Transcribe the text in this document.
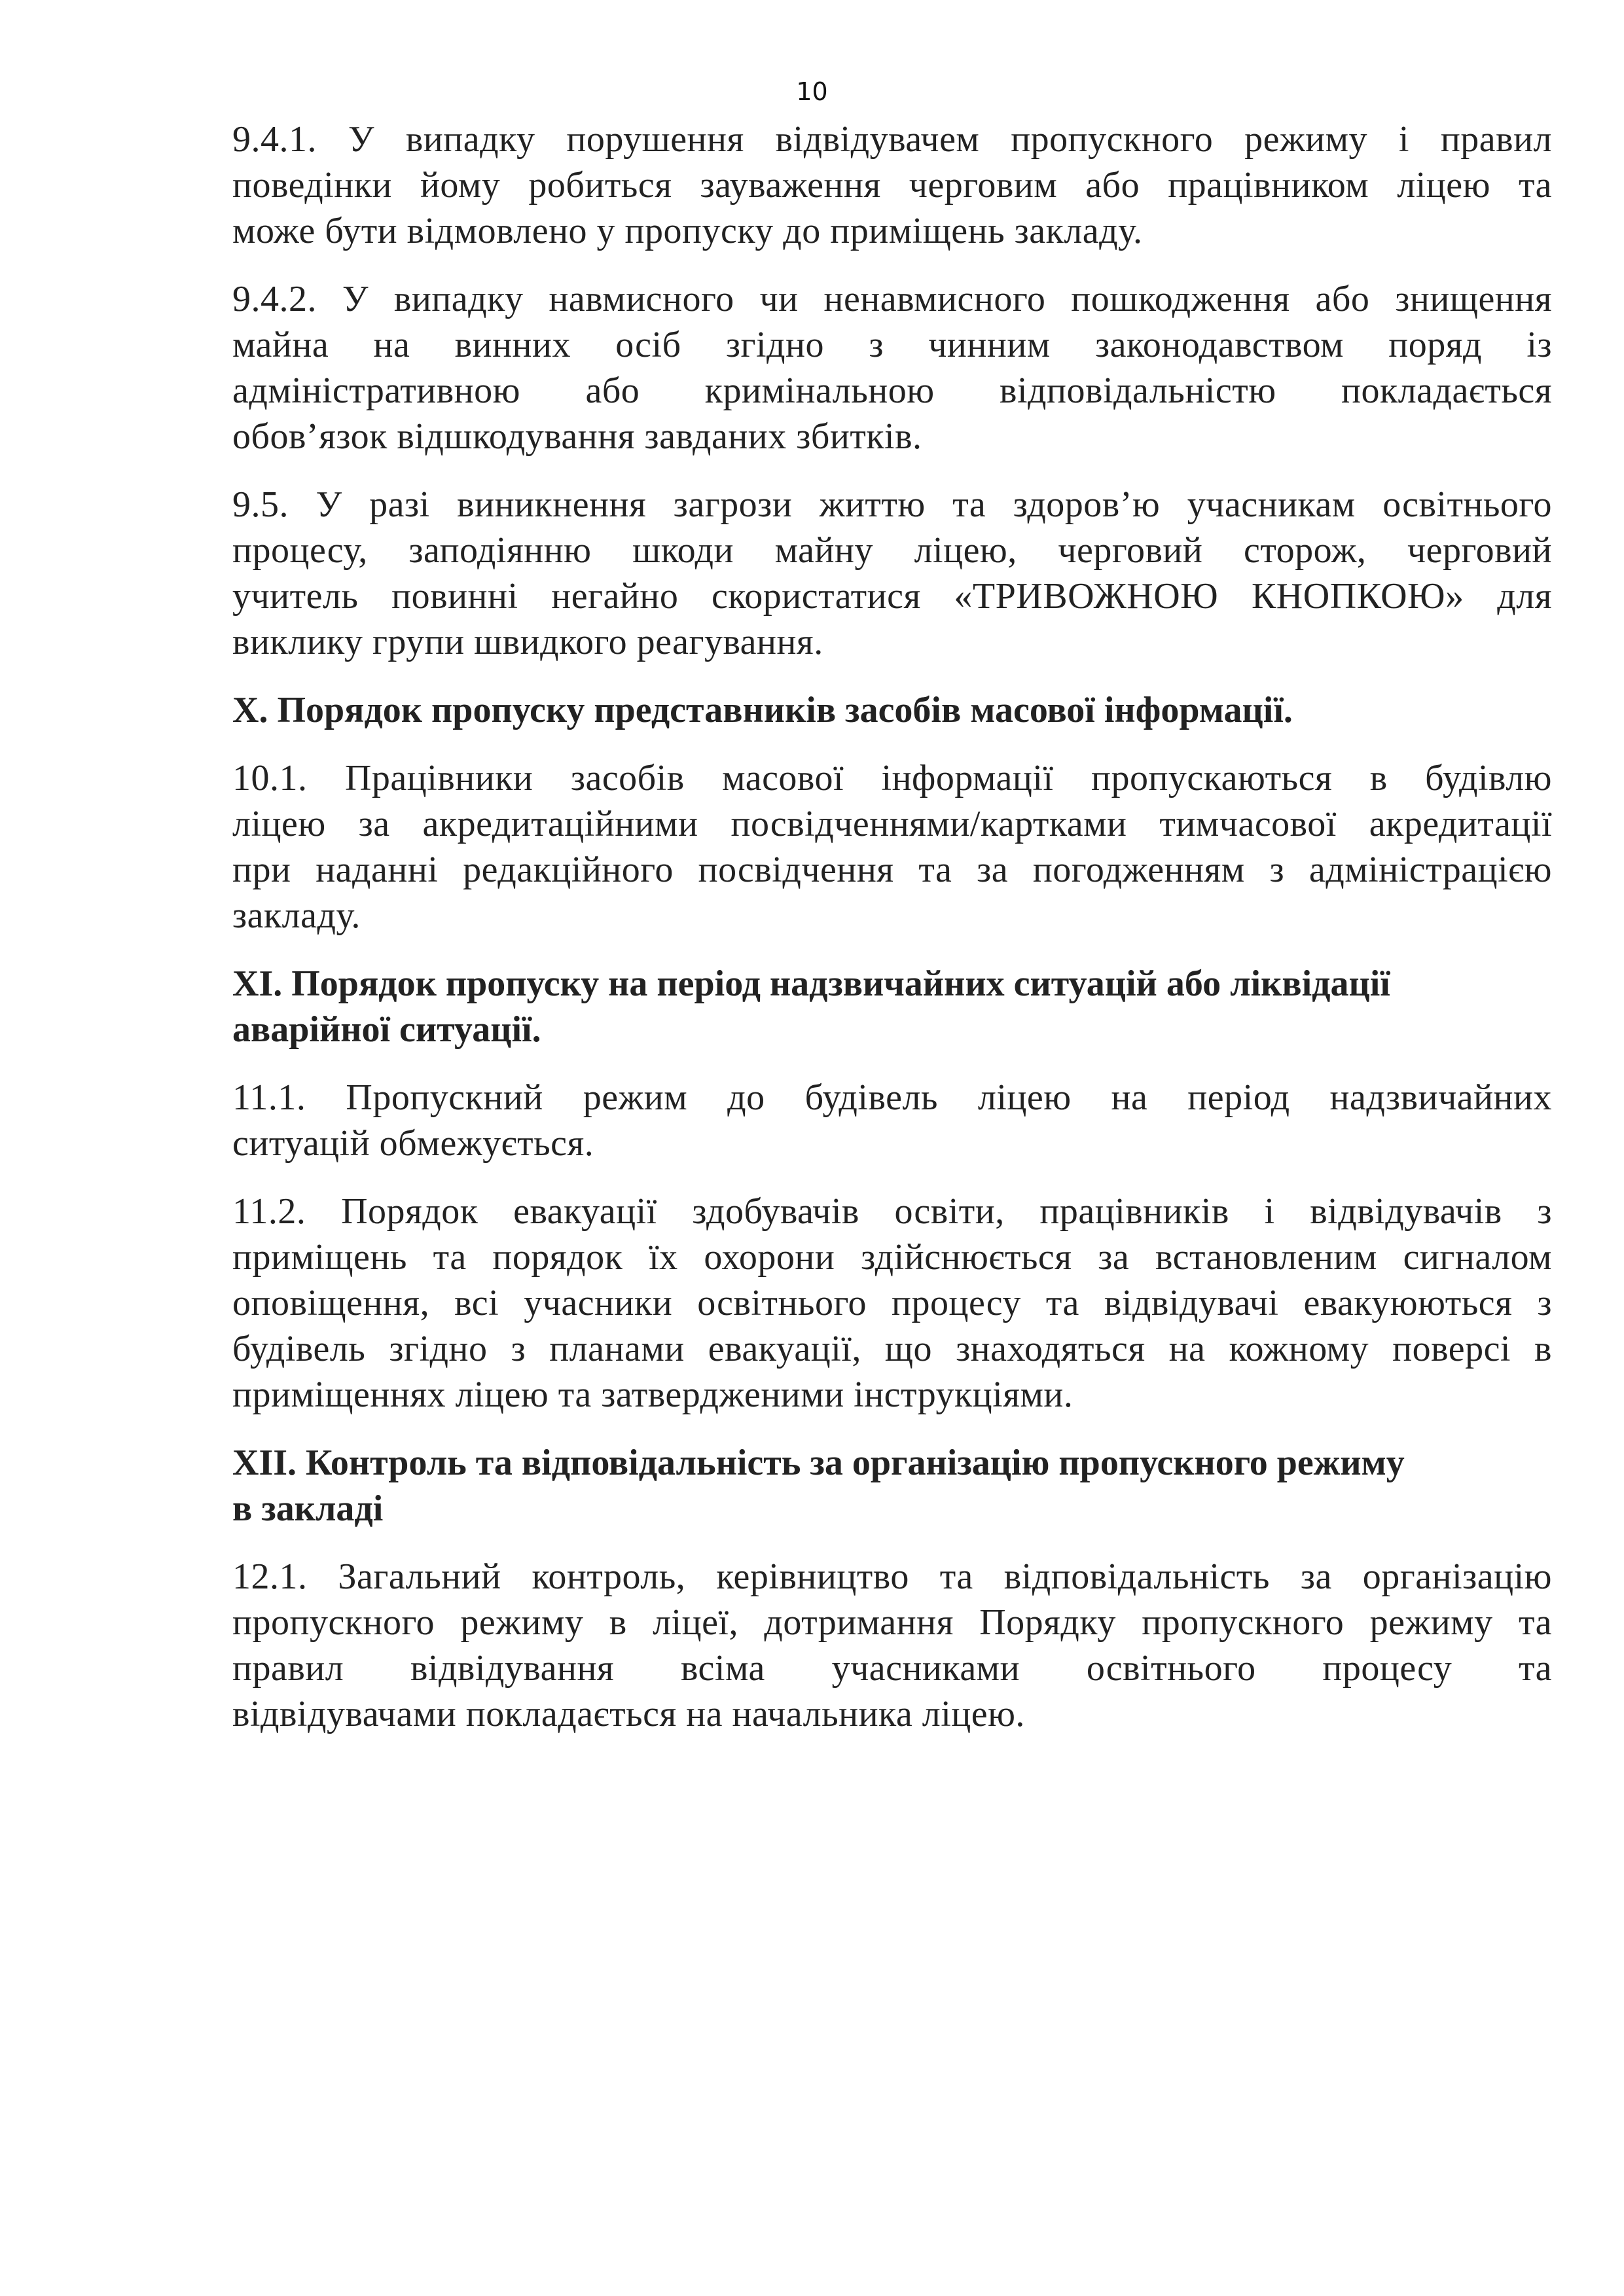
10
9.4.1. У випадку порушення відвідувачем пропускного режиму і правил
поведінки йому робиться зауваження черговим або працівником ліцею та
може бути відмовлено у пропуску до приміщень закладу.
9.4.2. У випадку навмисного чи ненавмисного пошкодження або знищення
майна на винних осіб згідно з чинним законодавством поряд із
адміністративною або кримінальною відповідальністю покладається
обов’язок відшкодування завданих збитків.
9.5. У разі виникнення загрози життю та здоров’ю учасникам освітнього
процесу, заподіянню шкоди майну ліцею, черговий сторож, черговий
учитель повинні негайно скористатися «ТРИВОЖНОЮ КНОПКОЮ» для
виклику групи швидкого реагування.
X. Порядок пропуску представників засобів масової інформації.
10.1. Працівники засобів масової інформації пропускаються в будівлю
ліцею за акредитаційними посвідченнями/картками тимчасової акредитації
при наданні редакційного посвідчення та за погодженням з адміністрацією
закладу.
XI. Порядок пропуску на період надзвичайних ситуацій або ліквідації
аварійної ситуації.
11.1. Пропускний режим до будівель ліцею на період надзвичайних
ситуацій обмежується.
11.2. Порядок евакуації здобувачів освіти, працівників і відвідувачів з
приміщень та порядок їх охорони здійснюється за встановленим сигналом
оповіщення, всі учасники освітнього процесу та відвідувачі евакуюються з
будівель згідно з планами евакуації, що знаходяться на кожному поверсі в
приміщеннях ліцею та затвердженими інструкціями.
XII. Контроль та відповідальність за організацію пропускного режиму
в закладі
12.1. Загальний контроль, керівництво та відповідальність за організацію
пропускного режиму в ліцеї, дотримання Порядку пропускного режиму та
правил відвідування всіма учасниками освітнього процесу та
відвідувачами покладається на начальника ліцею.
